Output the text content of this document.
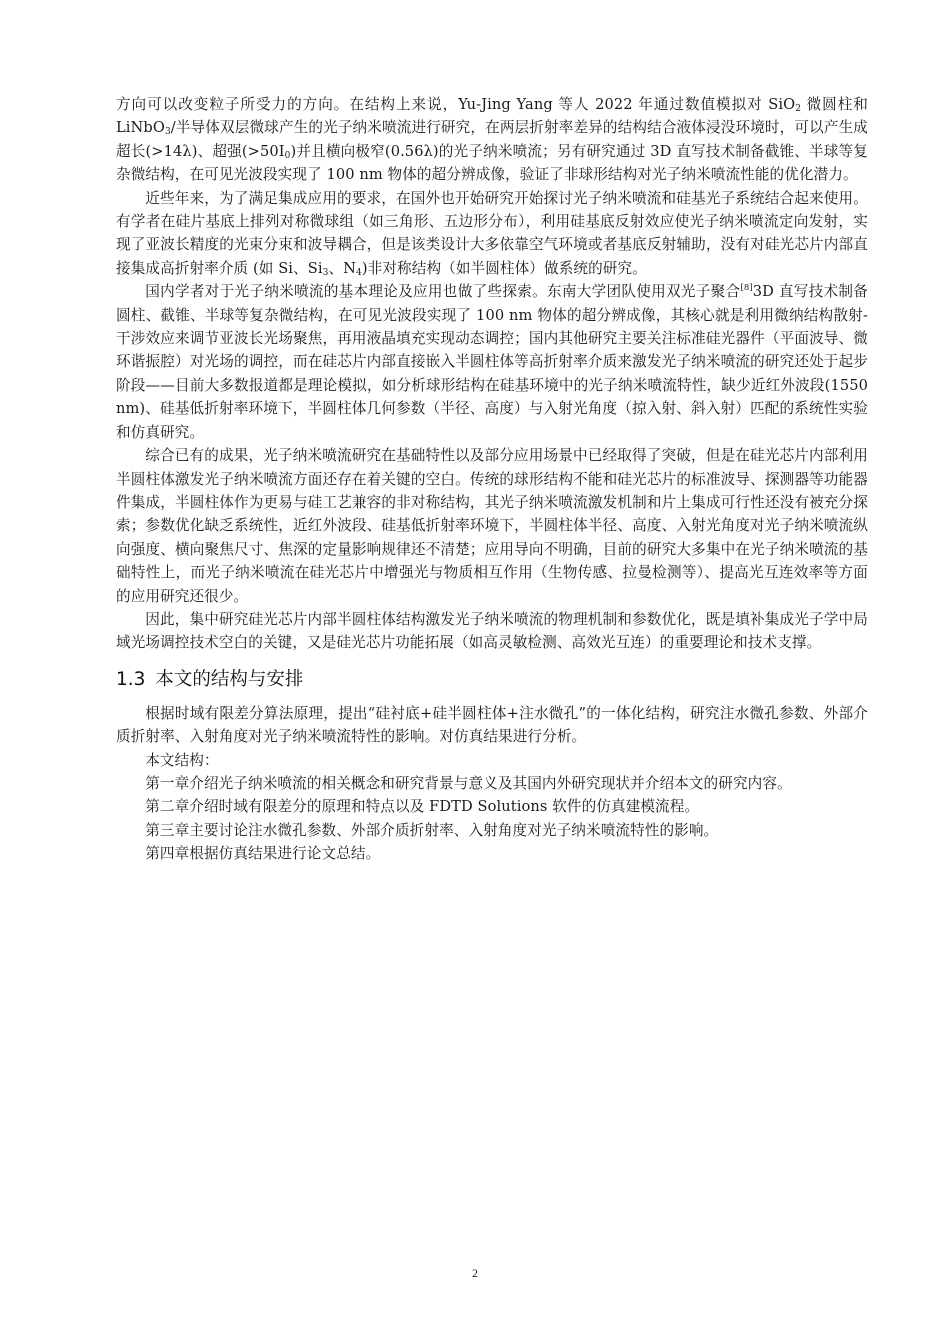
方向可以改变粒子所受力的方向。在结构上来说，Yu-Jing Yang 等人 2022 年通过数值模拟对 SiO$_2$ 微圆柱和 LiNbO$_3$/半导体双层微球产生的光子纳米喷流进行研究，在两层折射率差异的结构结合液体浸没环境时，可以产生成超长(>14λ)、超强$(>50I_0)$并且横向极窄(0.56λ)的光子纳米喷流；另有研究通过 3D 直写技术制备截锥、半球等复杂微结构，在可见光波段实现了 100 nm 物体的超分辨成像，验证了非球形结构对光子纳米喷流性能的优化潜力。

近些年来，为了满足集成应用的要求，在国外也开始研究开始探讨光子纳米喷流和硅基光子系统结合起来使用。有学者在硅片基底上排列对称微球组（如三角形、五边形分布），利用硅基底反射效应使光子纳米喷流定向发射，实现了亚波长精度的光束分束和波导耦合，但是该类设计大多依靠空气环境或者基底反射辅助，没有对硅光芯片内部直接集成高折射率介质 (如 Si、$Si_3$、$N_4$)非对称结构（如半圆柱体）做系统的研究。

国内学者对于光子纳米喷流的基本理论及应用也做了些探索。东南大学团队使用双光子聚合[8]3D 直写技术制备圆柱、截锥、半球等复杂微结构，在可见光波段实现了 100 nm 物体的超分辨成像，其核心就是利用微纳结构散射-干涉效应来调节亚波长光场聚焦，再用液晶填充实现动态调控；国内其他研究主要关注标准硅光器件（平面波导、微环谐振腔）对光场的调控，而在硅芯片内部直接嵌入半圆柱体等高折射率介质来激发光子纳米喷流的研究还处于起步阶段——目前大多数报道都是理论模拟，如分析球形结构在硅基环境中的光子纳米喷流特性，缺少近红外波段(1550 nm)、硅基低折射率环境下，半圆柱体几何参数（半径、高度）与入射光角度（掠入射、斜入射）匹配的系统性实验和仿真研究。

综合已有的成果，光子纳米喷流研究在基础特性以及部分应用场景中已经取得了突破，但是在硅光芯片内部利用半圆柱体激发光子纳米喷流方面还存在着关键的空白。传统的球形结构不能和硅光芯片的标准波导、探测器等功能器件集成，半圆柱体作为更易与硅工艺兼容的非对称结构，其光子纳米喷流激发机制和片上集成可行性还没有被充分探索；参数优化缺乏系统性，近红外波段、硅基低折射率环境下，半圆柱体半径、高度、入射光角度对光子纳米喷流纵向强度、横向聚焦尺寸、焦深的定量影响规律还不清楚；应用导向不明确，目前的研究大多集中在光子纳米喷流的基础特性上，而光子纳米喷流在硅光芯片中增强光与物质相互作用（生物传感、拉曼检测等）、提高光互连效率等方面的应用研究还很少。

因此，集中研究硅光芯片内部半圆柱体结构激发光子纳米喷流的物理机制和参数优化，既是填补集成光子学中局域光场调控技术空白的关键，又是硅光芯片功能拓展（如高灵敏检测、高效光互连）的重要理论和技术支撑。

1.3 本文的结构与安排

根据时域有限差分算法原理，提出“硅衬底+硅半圆柱体+注水微孔”的一体化结构，研究注水微孔参数、外部介质折射率、入射角度对光子纳米喷流特性的影响。对仿真结果进行分析。

本文结构：

第一章介绍光子纳米喷流的相关概念和研究背景与意义及其国内外研究现状并介绍本文的研究内容。

第二章介绍时域有限差分的原理和特点以及 FDTD Solutions 软件的仿真建模流程。

第三章主要讨论注水微孔参数、外部介质折射率、入射角度对光子纳米喷流特性的影响。

第四章根据仿真结果进行论文总结。

2
